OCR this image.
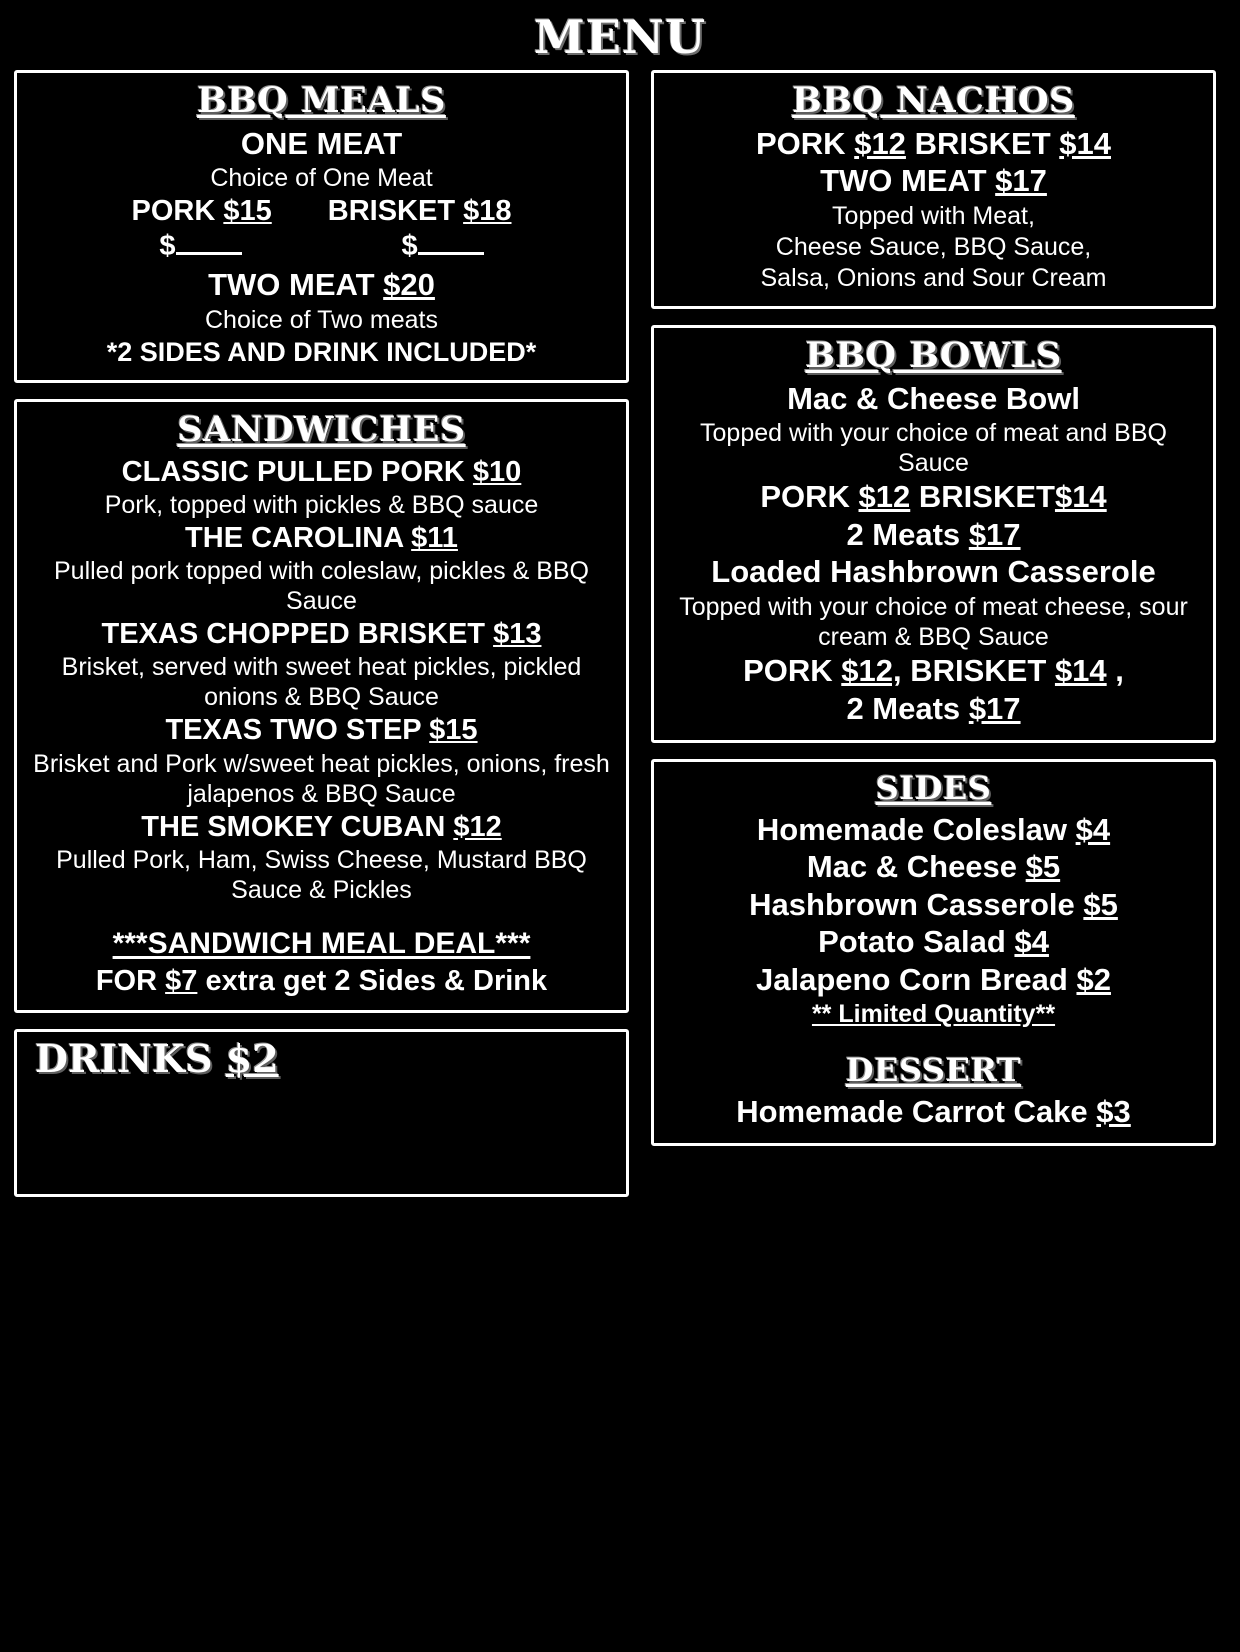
MENU
BBQ MEALS
ONE MEAT
Choice of One Meat
PORK $15 BRISKET $18
$	$
TWO MEAT $20
Choice of Two meats
*2 SIDES AND DRINK INCLUDED*
SANDWICHES
CLASSIC PULLED PORK $10
Pork, topped with pickles & BBQ sauce
THE CAROLINA $11
Pulled pork topped with coleslaw, pickles & BBQ Sauce
TEXAS CHOPPED BRISKET $13
Brisket, served with sweet heat pickles, pickled onions & BBQ Sauce
TEXAS TWO STEP $15
Brisket and Pork w/sweet heat pickles, onions, fresh jalapenos & BBQ Sauce
THE SMOKEY CUBAN $12
Pulled Pork, Ham, Swiss Cheese, Mustard BBQ Sauce & Pickles
***SANDWICH MEAL DEAL***
FOR $7 extra get 2 Sides & Drink
DRINKS $2
BBQ NACHOS
PORK $12 BRISKET $14
TWO MEAT $17
Topped with Meat,
Cheese Sauce, BBQ Sauce,
Salsa, Onions and Sour Cream
BBQ BOWLS
Mac & Cheese Bowl
Topped with your choice of meat and BBQ Sauce
PORK $12 BRISKET$14
2 Meats $17
Loaded Hashbrown Casserole
Topped with your choice of meat cheese, sour cream & BBQ Sauce
PORK $12, BRISKET $14 ,
2 Meats $17
SIDES
Homemade Coleslaw $4
Mac & Cheese $5
Hashbrown Casserole $5
Potato Salad $4
Jalapeno Corn Bread $2
** Limited Quantity**
DESSERT
Homemade Carrot Cake $3
